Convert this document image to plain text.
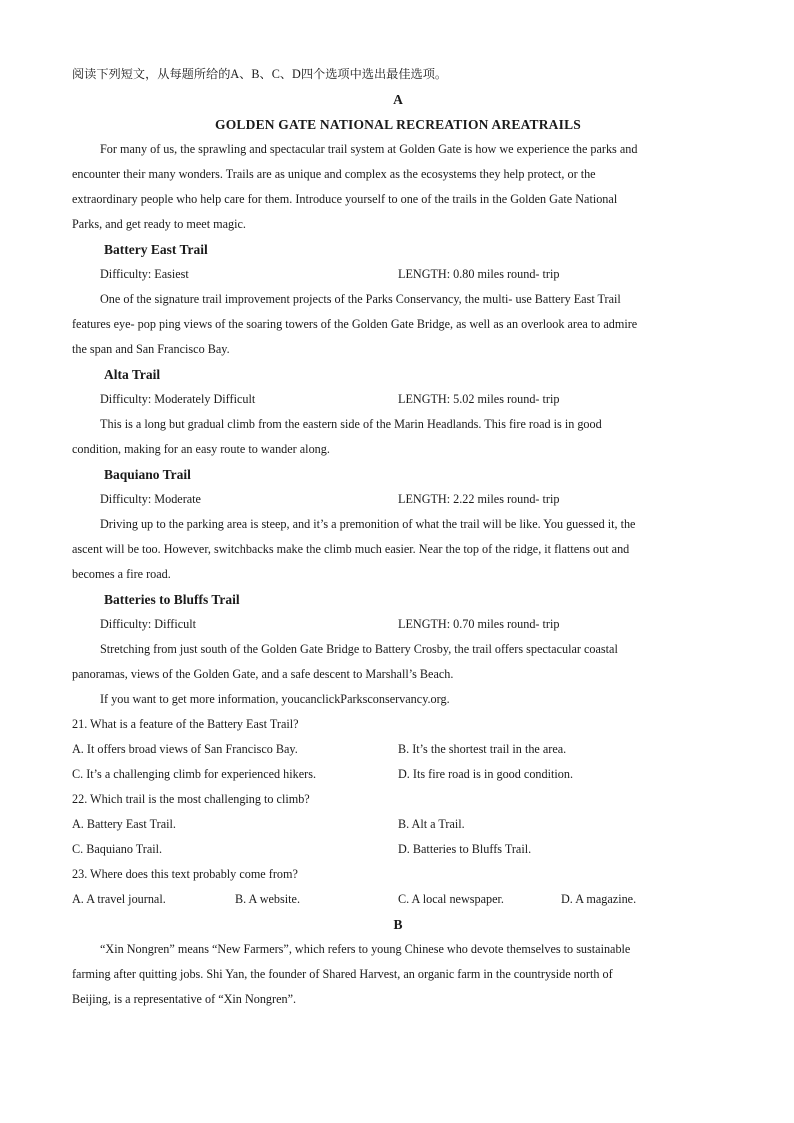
阅读下列短文，从每题所给的A、B、C、D四个选项中选出最佳选项。
A
GOLDEN GATE NATIONAL RECREATION AREATRAILS
For many of us, the sprawling and spectacular trail system at Golden Gate is how we experience the parks and
encounter their many wonders. Trails are as unique and complex as the ecosystems they help protect, or the
extraordinary people who help care for them. Introduce yourself to one of the trails in the Golden Gate National
Parks, and get ready to meet magic.
Battery East Trail
Difficulty: Easiest	LENGTH: 0.80 miles round- trip
One of the signature trail improvement projects of the Parks Conservancy, the multi- use Battery East Trail
features eye- pop ping views of the soaring towers of the Golden Gate Bridge, as well as an overlook area to admire
the span and San Francisco Bay.
Alta Trail
Difficulty: Moderately Difficult	LENGTH: 5.02 miles round- trip
This is a long but gradual climb from the eastern side of the Marin Headlands. This fire road is in good
condition, making for an easy route to wander along.
Baquiano Trail
Difficulty: Moderate	LENGTH: 2.22 miles round- trip
Driving up to the parking area is steep, and it’s a premonition of what the trail will be like. You guessed it, the
ascent will be too. However, switchbacks make the climb much easier. Near the top of the ridge, it flattens out and
becomes a fire road.
Batteries to Bluffs Trail
Difficulty: Difficult	LENGTH: 0.70 miles round- trip
Stretching from just south of the Golden Gate Bridge to Battery Crosby, the trail offers spectacular coastal
panoramas, views of the Golden Gate, and a safe descent to Marshall’s Beach.
If you want to get more information, youcanclickParksconservancy.org.
21. What is a feature of the Battery East Trail?
A. It offers broad views of San Francisco Bay.	B. It’s the shortest trail in the area.
C. It’s a challenging climb for experienced hikers.	D. Its fire road is in good condition.
22. Which trail is the most challenging to climb?
A. Battery East Trail.	B. Alt a Trail.
C. Baquiano Trail.	D. Batteries to Bluffs Trail.
23. Where does this text probably come from?
A. A travel journal.	B. A website.	C. A local newspaper.	D. A magazine.
B
“Xin Nongren” means “New Farmers”, which refers to young Chinese who devote themselves to sustainable
farming after quitting jobs. Shi Yan, the founder of Shared Harvest, an organic farm in the countryside north of
Beijing, is a representative of “Xin Nongren”.
